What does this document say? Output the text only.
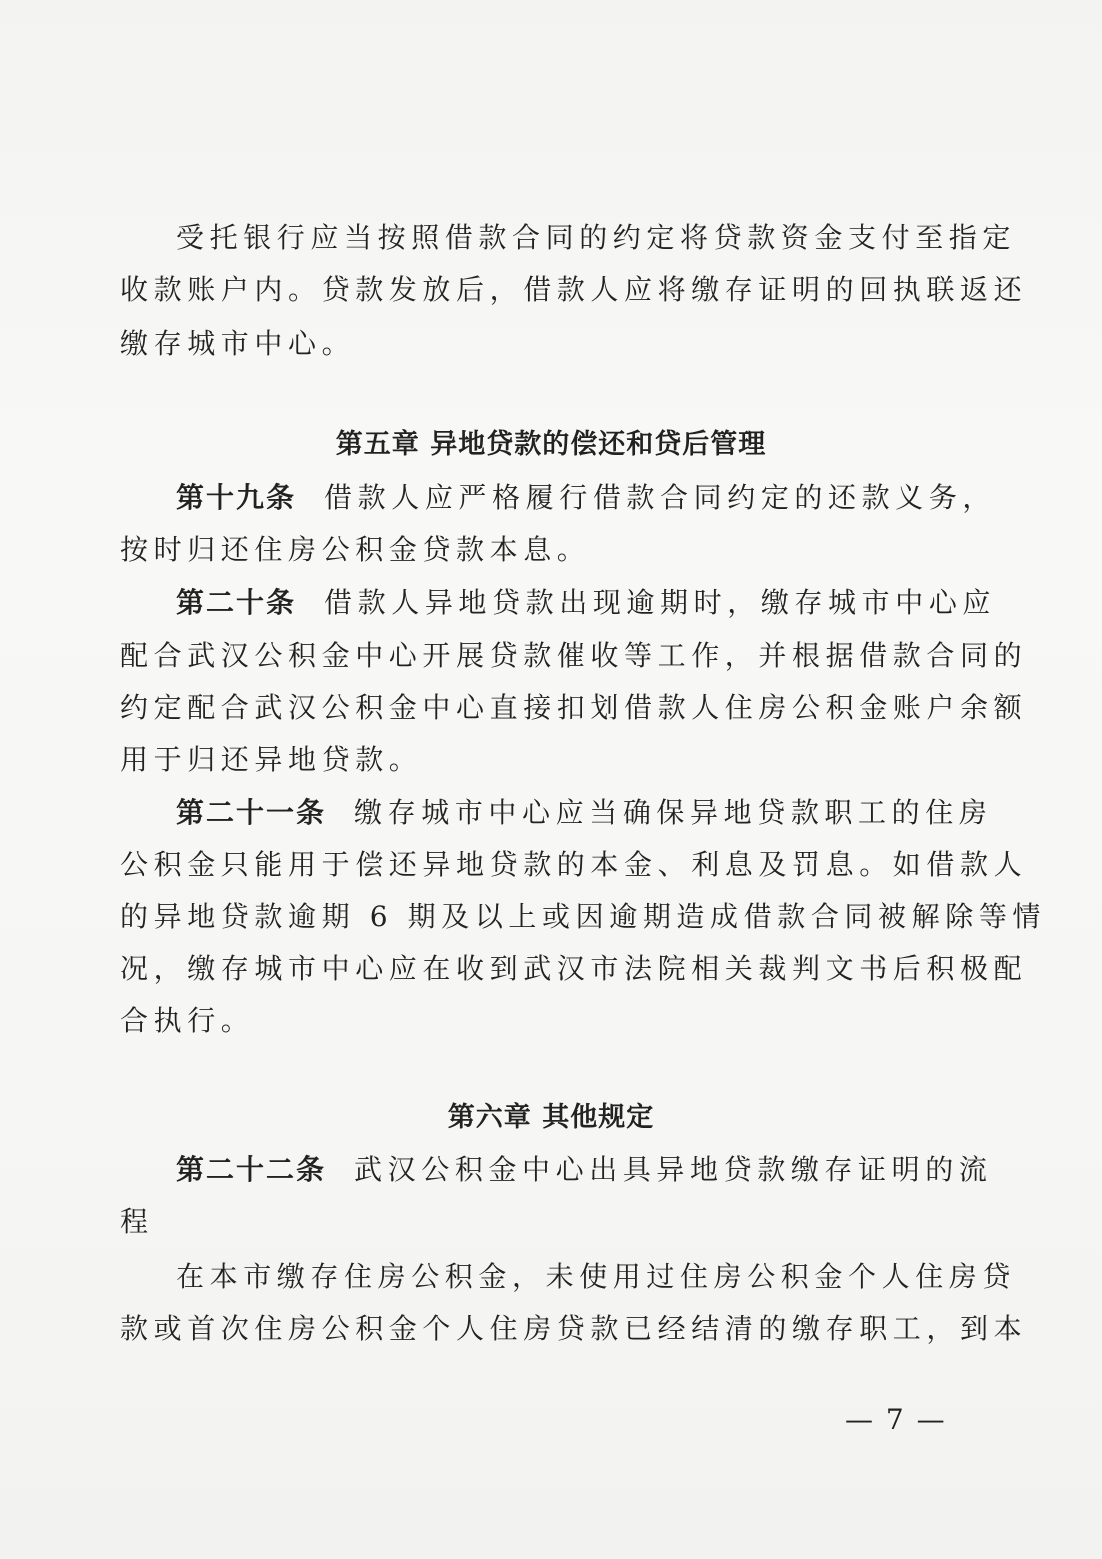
受托银行应当按照借款合同的约定将贷款资金支付至指定
收款账户内。贷款发放后，借款人应将缴存证明的回执联返还
缴存城市中心。
第五章 异地贷款的偿还和贷后管理
第十九条 借款人应严格履行借款合同约定的还款义务，
按时归还住房公积金贷款本息。
第二十条 借款人异地贷款出现逾期时，缴存城市中心应
配合武汉公积金中心开展贷款催收等工作，并根据借款合同的
约定配合武汉公积金中心直接扣划借款人住房公积金账户余额
用于归还异地贷款。
第二十一条 缴存城市中心应当确保异地贷款职工的住房
公积金只能用于偿还异地贷款的本金、利息及罚息。如借款人
的异地贷款逾期 6 期及以上或因逾期造成借款合同被解除等情
况，缴存城市中心应在收到武汉市法院相关裁判文书后积极配
合执行。
第六章 其他规定
第二十二条 武汉公积金中心出具异地贷款缴存证明的流
程
在本市缴存住房公积金，未使用过住房公积金个人住房贷
款或首次住房公积金个人住房贷款已经结清的缴存职工，到本
— 7 —
